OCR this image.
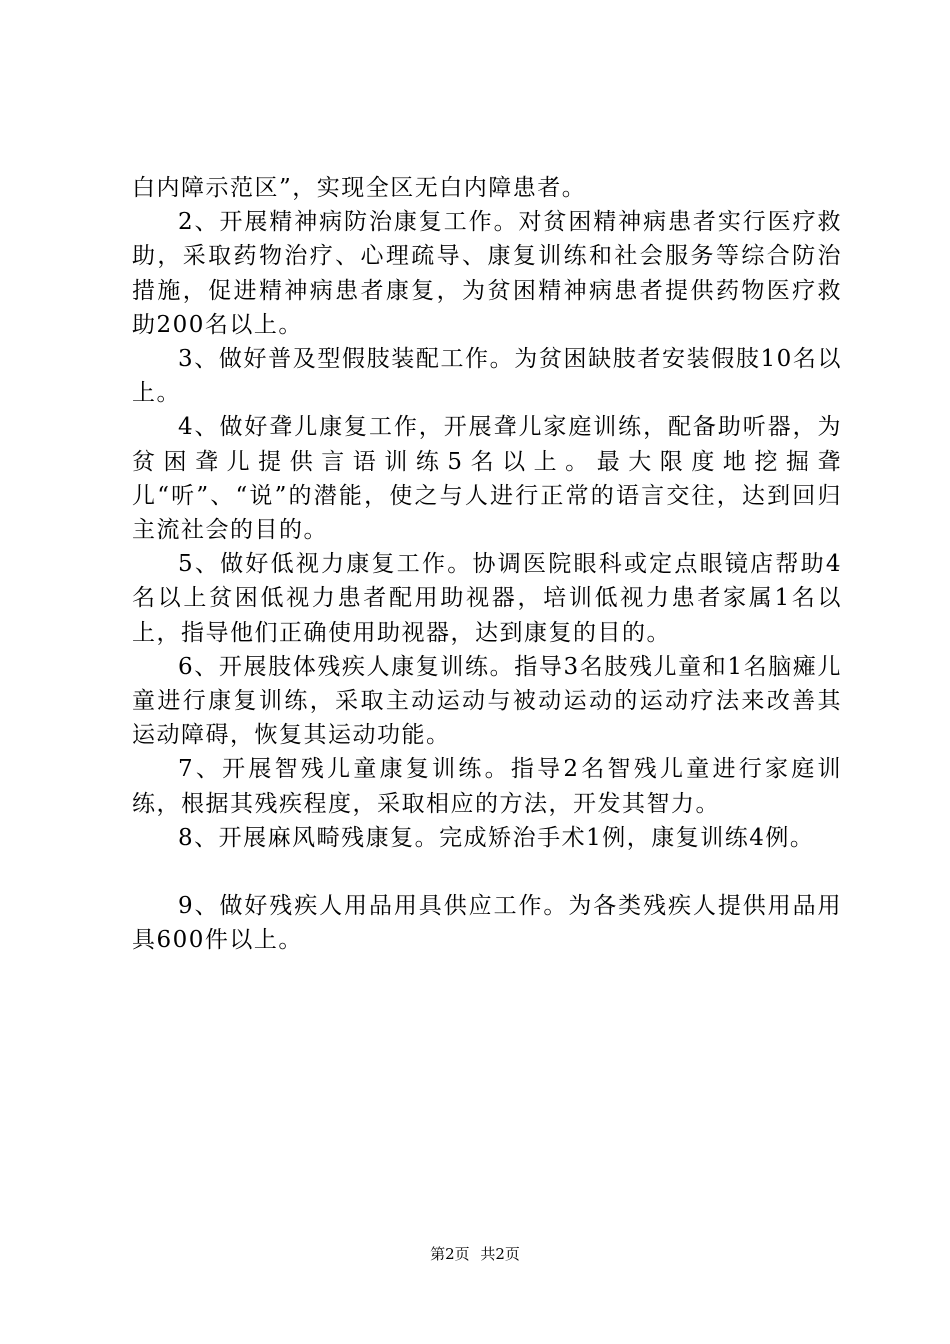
白内障示范区”，实现全区无白内障患者。

2、开展精神病防治康复工作。对贫困精神病患者实行医疗救助，采取药物治疗、心理疏导、康复训练和社会服务等综合防治措施，促进精神病患者康复，为贫困精神病患者提供药物医疗救助200名以上。

3、做好普及型假肢装配工作。为贫困缺肢者安装假肢10名以上。

4、做好聋儿康复工作，开展聋儿家庭训练，配备助听器，为贫困聋儿提供言语训练5名以上。最大限度地挖掘聋儿“听”、“说”的潜能，使之与人进行正常的语言交往，达到回归主流社会的目的。

5、做好低视力康复工作。协调医院眼科或定点眼镜店帮助4名以上贫困低视力患者配用助视器，培训低视力患者家属1名以上，指导他们正确使用助视器，达到康复的目的。

6、开展肢体残疾人康复训练。指导3名肢残儿童和1名脑瘫儿童进行康复训练，采取主动运动与被动运动的运动疗法来改善其运动障碍，恢复其运动功能。

7、开展智残儿童康复训练。指导2名智残儿童进行家庭训练，根据其残疾程度，采取相应的方法，开发其智力。

8、开展麻风畸残康复。完成矫治手术1例，康复训练4例。

9、做好残疾人用品用具供应工作。为各类残疾人提供用品用具600件以上。

第2页 共2页
